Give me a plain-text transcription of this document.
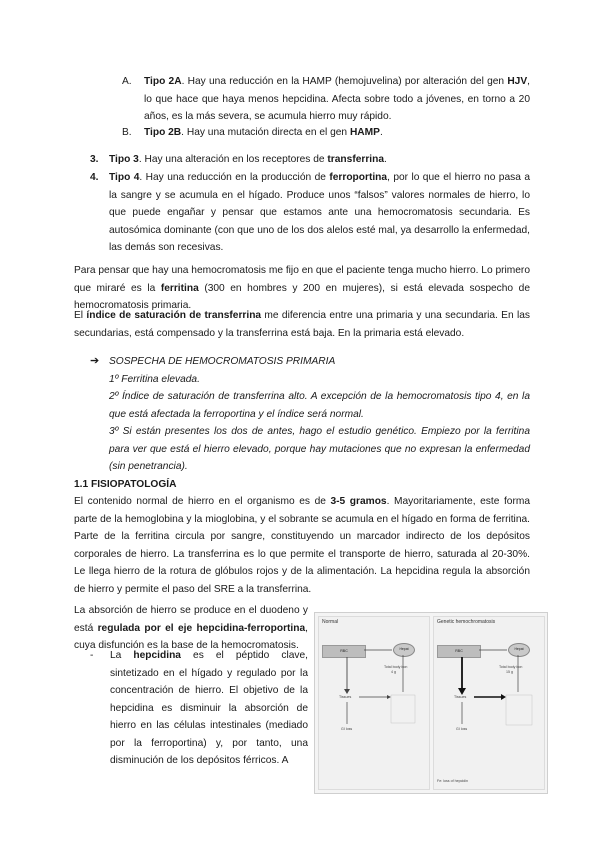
A. Tipo 2A. Hay una reducción en la HAMP (hemojuvelina) por alteración del gen HJV, lo que hace que haya menos hepcidina. Afecta sobre todo a jóvenes, en torno a 20 años, es la más severa, se acumula hierro muy rápido.

B. Tipo 2B. Hay una mutación directa en el gen HAMP.

3. Tipo 3. Hay una alteración en los receptores de transferrina.

4. Tipo 4. Hay una reducción en la producción de ferroportina, por lo que el hierro no pasa a la sangre y se acumula en el hígado. Produce unos “falsos” valores normales de hierro, lo que puede engañar y pensar que estamos ante una hemocromatosis secundaria. Es autosómica dominante (con que uno de los dos alelos esté mal, ya desarrollo la enfermedad, las demás son recesivas.

Para pensar que hay una hemocromatosis me fijo en que el paciente tenga mucho hierro. Lo primero que miraré es la ferritina (300 en hombres y 200 en mujeres), si está elevada sospecho de hemocromatosis primaria.

El índice de saturación de transferrina me diferencia entre una primaria y una secundaria. En las secundarias, está compensado y la transferrina está baja. En la primaria está elevado.

➔ SOSPECHA DE HEMOCROMATOSIS PRIMARIA

1º Ferritina elevada.

2º Índice de saturación de transferrina alto. A excepción de la hemocromatosis tipo 4, en la que está afectada la ferroportina y el índice será normal.

3º Si están presentes los dos de antes, hago el estudio genético. Empiezo por la ferritina para ver que está el hierro elevado, porque hay mutaciones que no expresan la enfermedad (sin penetrancia).

1.1 FISIOPATOLOGÍA

El contenido normal de hierro en el organismo es de 3-5 gramos. Mayoritariamente, este forma parte de la hemoglobina y la mioglobina, y el sobrante se acumula en el hígado en forma de ferritina. Parte de la ferritina circula por sangre, constituyendo un marcador indirecto de los depósitos corporales de hierro. La transferrina es lo que permite el transporte de hierro, saturada al 20-30%. Le llega hierro de la rotura de glóbulos rojos y de la alimentación. La hepcidina regula la absorción de hierro y permite el paso del SRE a la transferrina.

La absorción de hierro se produce en el duodeno y está regulada por el eje hepcidina-ferroportina, cuya disfunción es la base de la hemocromatosis.

- La hepcidina es el péptido clave, sintetizado en el hígado y regulado por la concentración de hierro. El objetivo de la hepcidina es disminuir la absorción de hierro en las células intestinales (mediado por la ferroportina) y, por tanto, una disminución de los depósitos férricos. A

Normal
RBC	Hepat
Total body iron
4 g
Tissues
GI loss
Genetic hemochromatosis
RBC	Hepat
Total body iron
15 g
Tissues
GI loss
Fe: loss of hepcidin
